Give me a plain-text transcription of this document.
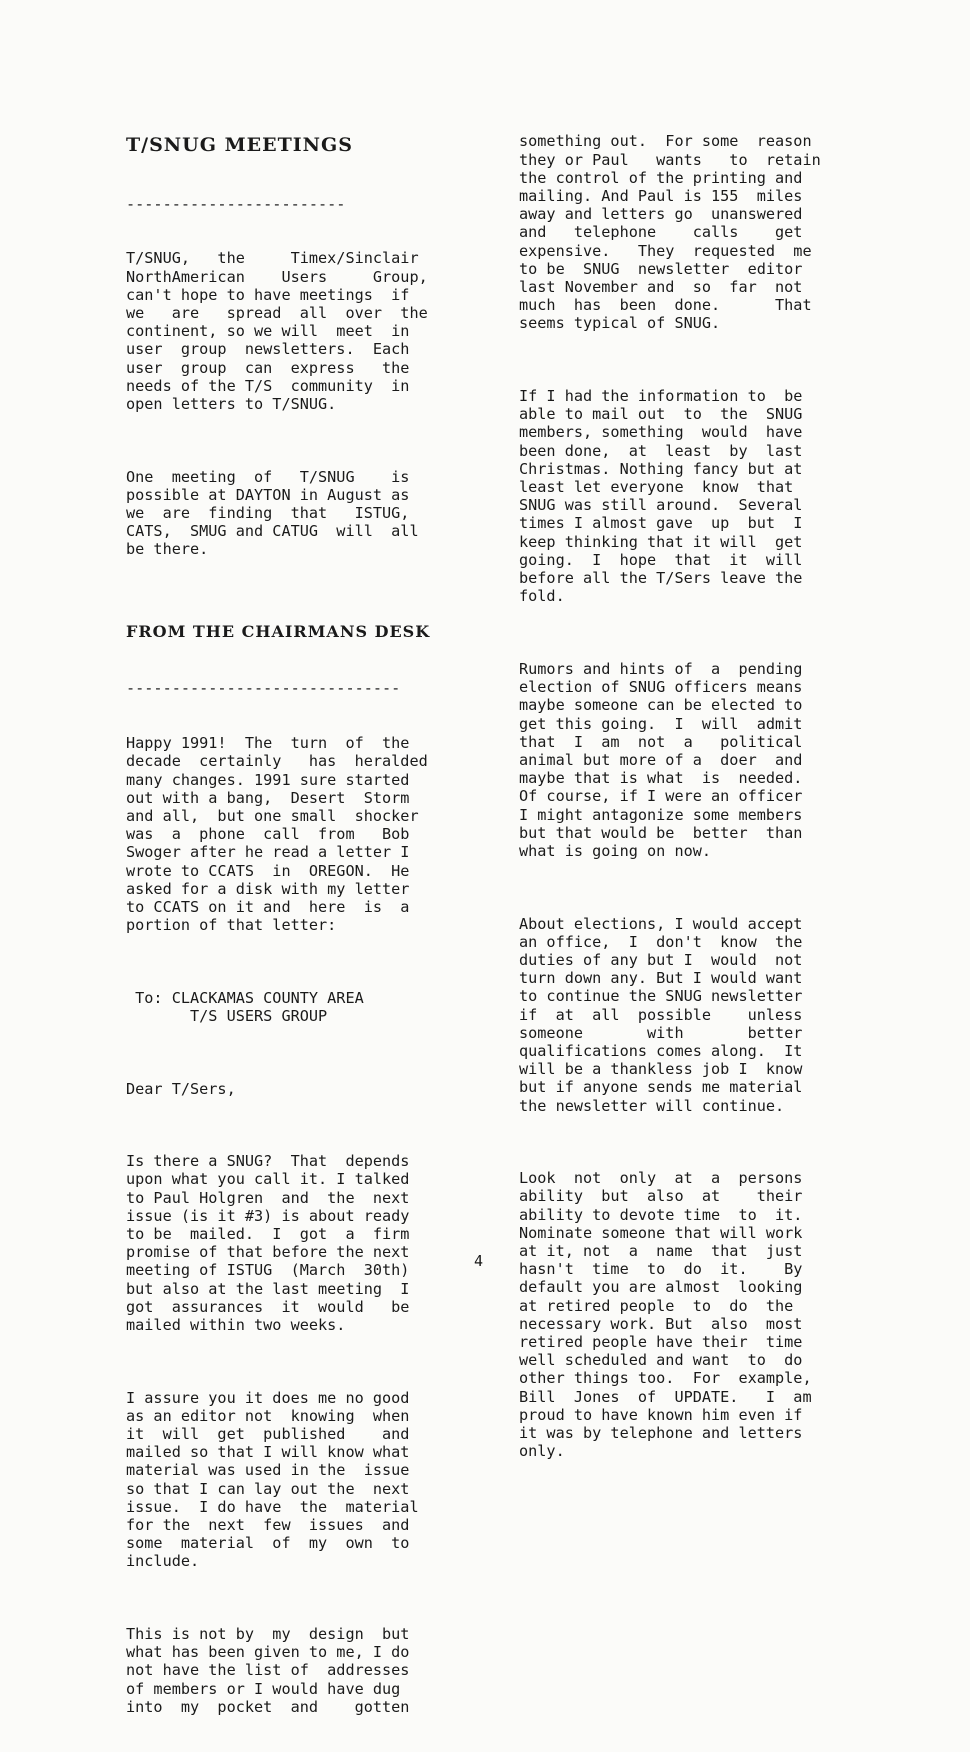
T/SNUG MEETINGS

------------------------

T/SNUG,   the     Timex/Sinclair
NorthAmerican    Users     Group,
can't hope to have meetings  if
we   are   spread  all  over  the
continent, so we will  meet  in
user  group  newsletters.  Each
user  group  can  express   the
needs of the T/S  community  in
open letters to T/SNUG.

One  meeting  of   T/SNUG    is
possible at DAYTON in August as
we  are  finding  that   ISTUG,
CATS,  SMUG and CATUG  will  all
be there.

FROM THE CHAIRMANS DESK

------------------------------

Happy 1991!  The  turn  of  the
decade  certainly   has  heralded
many changes. 1991 sure started
out with a bang,  Desert  Storm
and all,  but one small  shocker
was  a  phone  call  from   Bob
Swoger after he read a letter I
wrote to CCATS  in  OREGON.  He
asked for a disk with my letter
to CCATS on it and  here  is  a
portion of that letter:

To: CLACKAMAS COUNTY AREA
T/S USERS GROUP

Dear T/Sers,

Is there a SNUG?  That  depends
upon what you call it. I talked
to Paul Holgren  and  the  next
issue (is it #3) is about ready
to be  mailed.  I  got  a  firm
promise of that before the next
meeting of ISTUG  (March  30th)
but also at the last meeting  I
got  assurances  it  would   be
mailed within two weeks.

I assure you it does me no good
as an editor not  knowing  when
it  will  get  published    and
mailed so that I will know what
material was used in the  issue
so that I can lay out the  next
issue.  I do have  the  material
for the  next  few  issues  and
some  material  of  my  own  to
include.

This is not by  my  design  but
what has been given to me, I do
not have the list of  addresses
of members or I would have dug
into  my  pocket  and    gotten

something out.  For some  reason
they or Paul   wants   to  retain
the control of the printing and
mailing. And Paul is 155  miles
away and letters go  unanswered
and   telephone    calls    get
expensive.   They  requested  me
to be  SNUG  newsletter  editor
last November and  so  far  not
much  has  been  done.      That
seems typical of SNUG.

If I had the information to  be
able to mail out  to  the  SNUG
members, something  would  have
been done,  at  least  by  last
Christmas. Nothing fancy but at
least let everyone  know  that
SNUG was still around.  Several
times I almost gave  up  but  I
keep thinking that it will  get
going.  I  hope  that  it  will
before all the T/Sers leave the
fold.

Rumors and hints of  a  pending
election of SNUG officers means
maybe someone can be elected to
get this going.  I  will  admit
that  I  am  not  a   political
animal but more of a  doer  and
maybe that is what  is  needed.
Of course, if I were an officer
I might antagonize some members
but that would be  better  than
what is going on now.

About elections, I would accept
an office,  I  don't  know  the
duties of any but I  would  not
turn down any. But I would want
to continue the SNUG newsletter
if  at  all  possible    unless
someone       with       better
qualifications comes along.  It
will be a thankless job I  know
but if anyone sends me material
the newsletter will continue.

Look  not  only  at  a  persons
ability  but  also  at    their
ability to devote time  to  it.
Nominate someone that will work
at it, not  a  name  that  just
hasn't  time  to  do  it.    By
default you are almost  looking
at retired people  to  do  the
necessary work. But  also  most
retired people have their  time
well scheduled and want  to  do
other things too.  For  example,
Bill  Jones  of  UPDATE.   I  am
proud to have known him even if
it was by telephone and letters
only.

4
